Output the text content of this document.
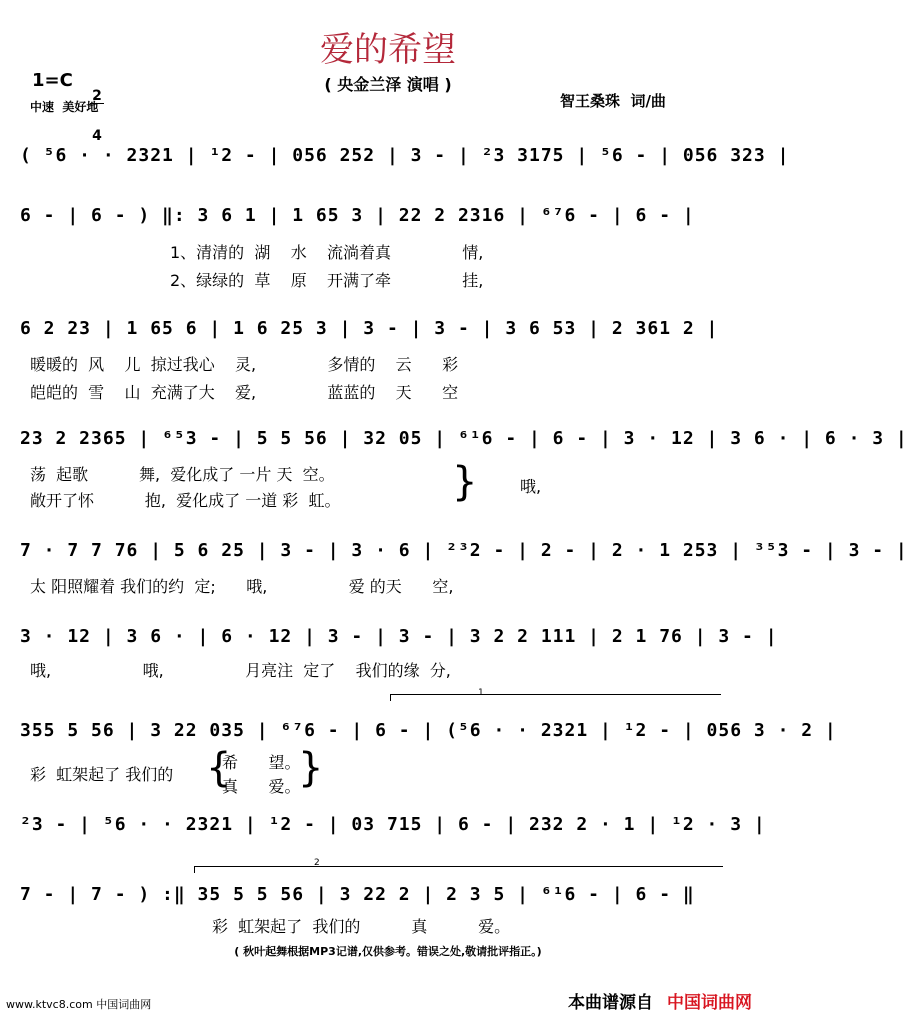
爱的希望
( 央金兰泽 演唱 )
1=C

2

4

中速  美好地	智王桑珠  词/曲
( ⁵6 · · 2321 | ¹2 - | 056 252 | 3 - | ²3 3175 | ⁵6 - | 056 323 |
6 - | 6 - ) ‖: 3 6 1 | 1 65 3 | 22 2 2316 | ⁶⁷6 - | 6 - |
1、清清的  湖    水    流淌着真              情,
2、绿绿的  草    原    开满了牵              挂,
6 2 23 | 1 65 6 | 1 6 25 3 | 3 - | 3 - | 3 6 53 | 2 361 2 |
暖暖的  风    儿  掠过我心    灵,              多情的    云      彩
皑皑的  雪    山  充满了大    爱,              蓝蓝的    天      空
23 2 2365 | ⁶⁵3 - | 5 5 56 | 32 05 | ⁶¹6 - | 6 - | 3 · 12 | 3 6 · | 6 · 3 |
荡  起歌          舞,  爱化成了 一片 天  空。
敞开了怀          抱,  爱化成了 一道 彩  虹。	}	哦,
7 · 7 7 76 | 5 6 25 | 3 - | 3 · 6 | ²³2 - | 2 - | 2 · 1 253 | ³⁵3 - | 3 - |
太 阳照耀着 我们的约  定;      哦,                爱 的天      空,
3 · 12 | 3 6 · | 6 · 12 | 3 - | 3 - | 3 2 2 111 | 2 1 76 | 3 - |
哦,                  哦,                月亮注  定了    我们的缘  分,
1
355 5 56 | 3 22 035 | ⁶⁷6 - | 6 - | (⁵6 · · 2321 | ¹2 - | 056 3 · 2 |
彩  虹架起了 我们的 {
希      望。
真      爱。
}
²3 - | ⁵6 · · 2321 | ¹2 - | 03 715 | 6 - | 232 2 · 1 | ¹2 · 3 |
2
7 - | 7 - ) :‖ 35 5 5 56 | 3 22 2 | 2 3 5 | ⁶¹6 - | 6 - ‖
彩  虹架起了  我们的          真          爱。
( 秋叶起舞根据MP3记谱,仅供参考。错误之处,敬请批评指正。)
www.ktvc8.com 中国词曲网	本曲谱源自 中国词曲网
